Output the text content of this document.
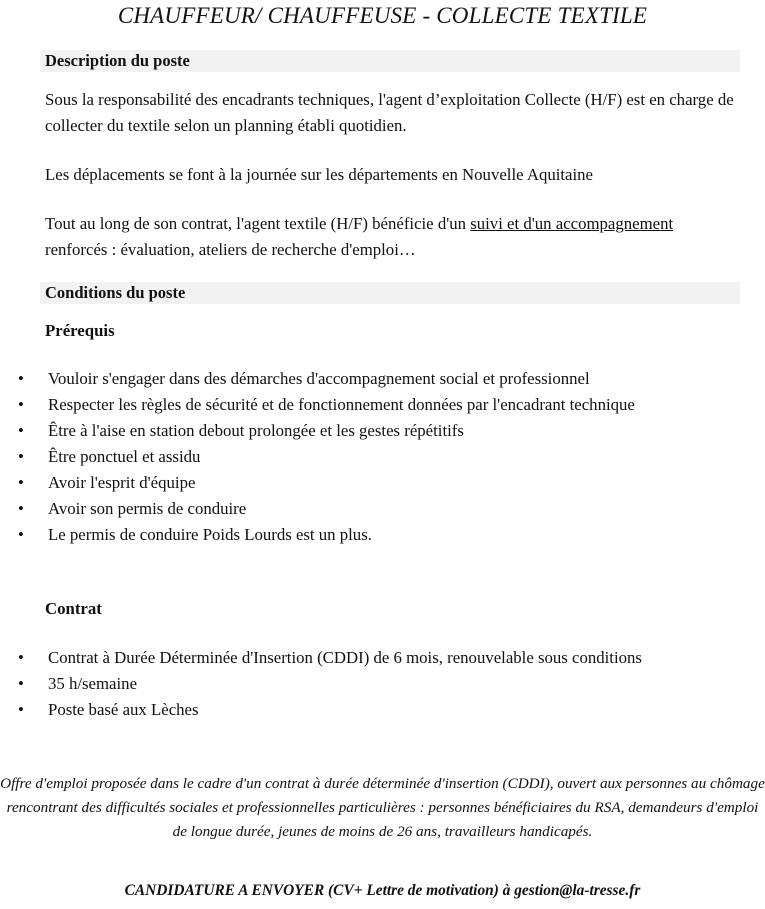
CHAUFFEUR/ CHAUFFEUSE - COLLECTE TEXTILE
Description du poste

Sous la responsabilité des encadrants techniques, l'agent d’exploitation Collecte (H/F) est en charge de collecter du textile selon un planning établi quotidien.

Les déplacements se font à la journée sur les départements en Nouvelle Aquitaine

Tout au long de son contrat, l'agent textile (H/F) bénéficie d'un suivi et d'un accompagnement renforcés : évaluation, ateliers de recherche d'emploi…

Conditions du poste
Prérequis
• Vouloir s'engager dans des démarches d'accompagnement social et professionnel
• Respecter les règles de sécurité et de fonctionnement données par l'encadrant technique
• Être à l'aise en station debout prolongée et les gestes répétitifs
• Être ponctuel et assidu
• Avoir l'esprit d'équipe
• Avoir son permis de conduire
• Le permis de conduire Poids Lourds est un plus.
Contrat
• Contrat à Durée Déterminée d'Insertion (CDDI) de 6 mois, renouvelable sous conditions
• 35 h/semaine
• Poste basé aux Lèches

Offre d'emploi proposée dans le cadre d'un contrat à durée déterminée d'insertion (CDDI), ouvert aux personnes au chômage rencontrant des difficultés sociales et professionnelles particulières : personnes bénéficiaires du RSA, demandeurs d'emploi de longue durée, jeunes de moins de 26 ans, travailleurs handicapés.

CANDIDATURE A ENVOYER (CV+ Lettre de motivation) à gestion@la-tresse.fr
